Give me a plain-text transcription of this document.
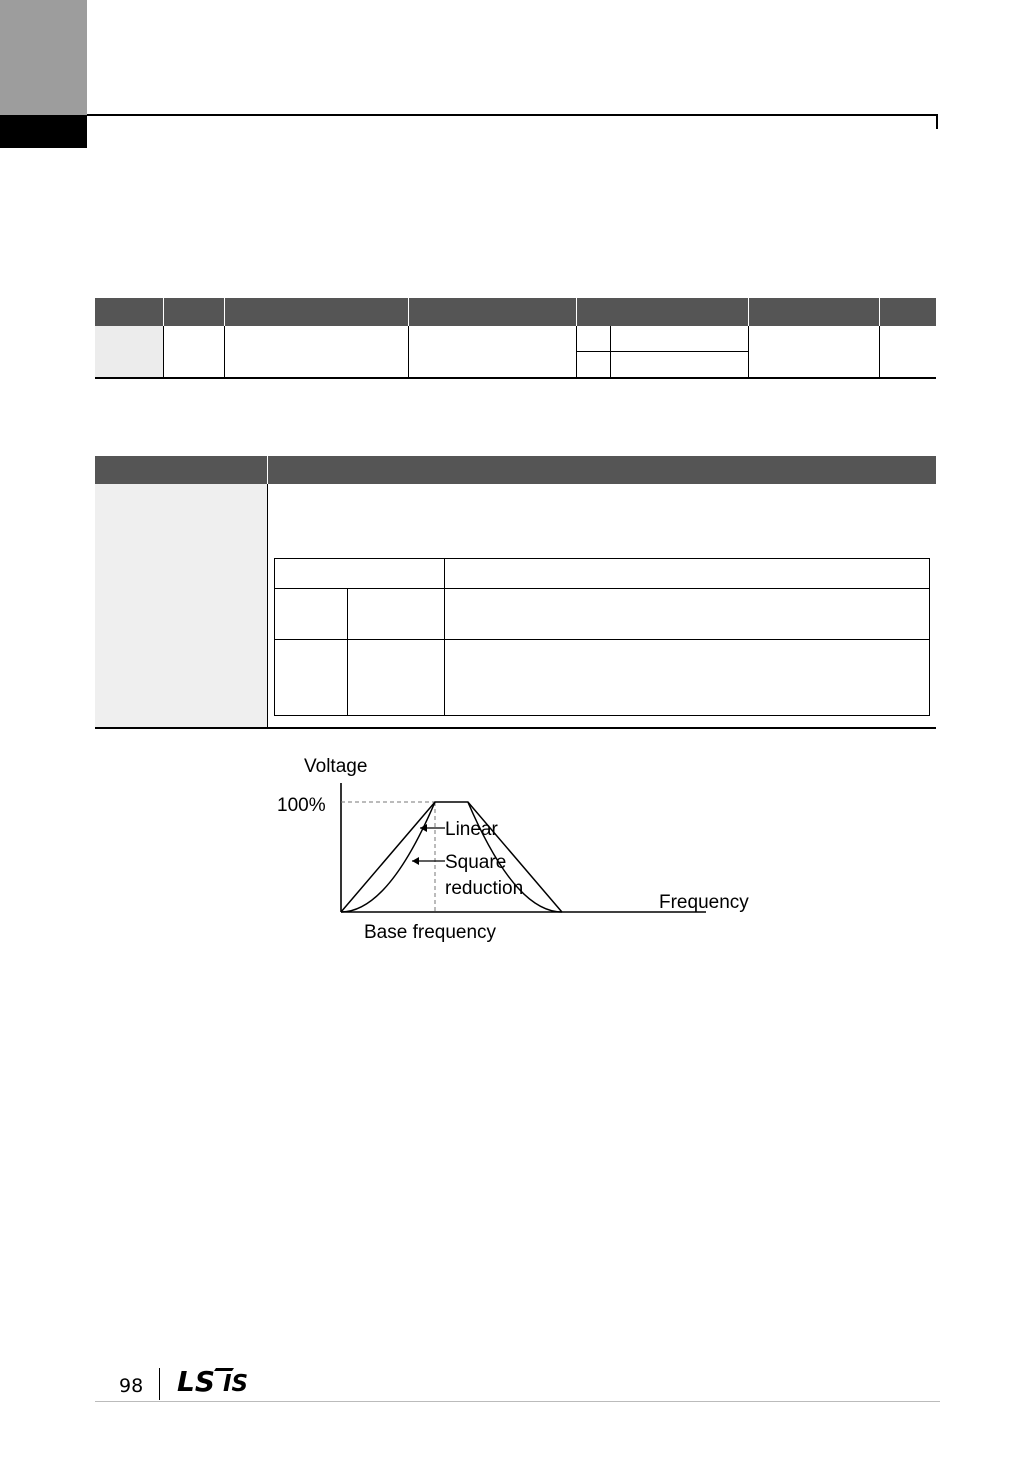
Voltage
100%
Base frequency
Frequency
Linear
Square
reduction
98 LS IS
